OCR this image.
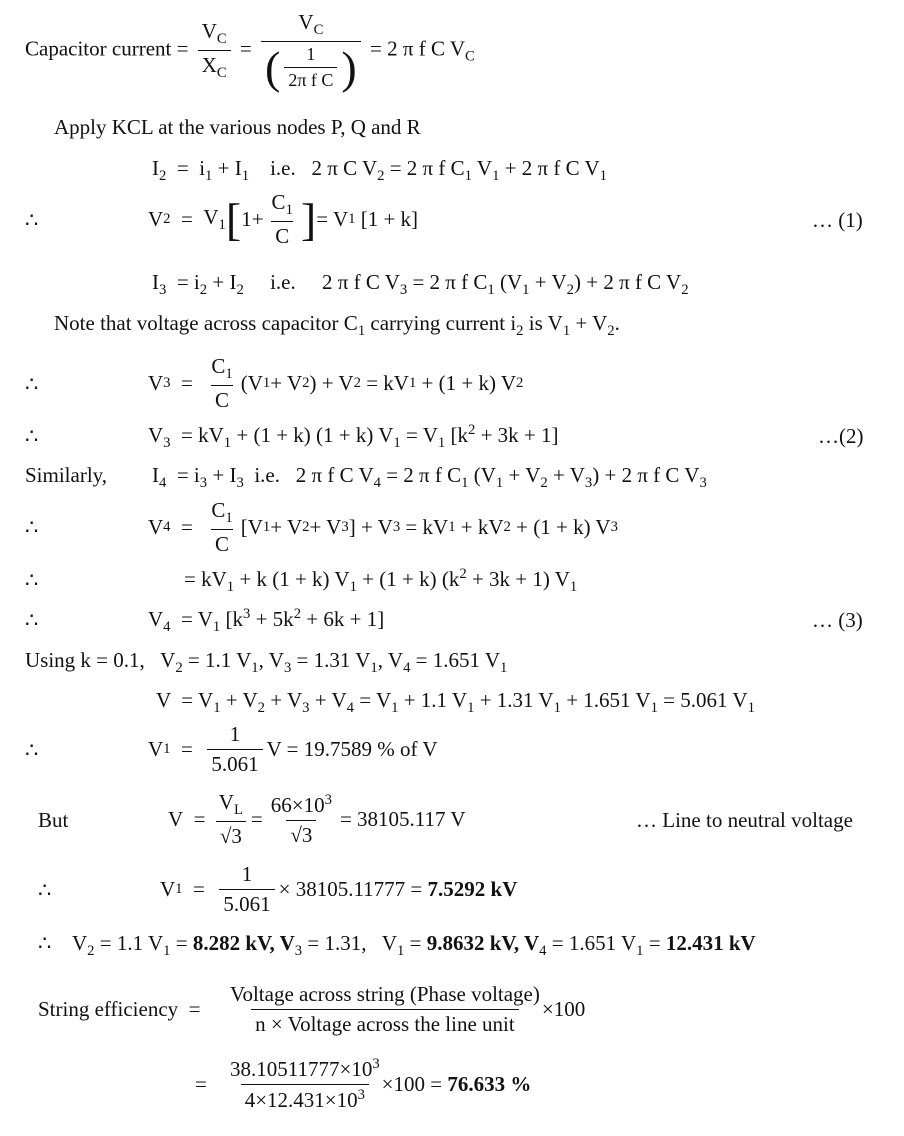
Capacitor current = $\frac{V_C}{X_C} = \frac{V_C}{( \frac{1}{\text{2π f C}} )} = 2$ π f C $V_C$
Apply KCL at the various nodes P, Q and R
$I_2 = i_1 + I_1$ i.e. 2 π C $V_2 = 2$ π f $C_1$ $V_1 + 2$ π f C $V_1$
∴	V $2 = V_1$ [ $1+ \frac{C_1}{C}$ ] = V 1
[1 + k]	… (1)
$I_3 = i_2 + I_2$ i.e. 2 π f C $V_3 = 2$ π f $C_1$ $(V_1 + V_2) + 2$ π f C $V_2$
Note that voltage across capacitor $C_1$ carrying current $i_2$ is $V_1 + V_2$.
∴	V $3 = \frac{C_1}{C} (V$ 1 + V 2 ) + V 2
= kV 1
+ (1 + k) V 2
∴	$V_3 = kV_1 + (1 + k) (1 + k) V_1 = V_1$ $[k^2 + 3k + 1]$	…(2)
Similarly, $I_4 = i_3 + I_3$ i.e. 2 π f C $V_4 = 2$ π f $C_1$ $(V_1 + V_2 + V_3) + 2$ π f C $V_3$
∴	V $4 = \frac{C_1}{C} [V$ 1 + V 2 + V 3 ] + V 3
= kV 1
+ kV 2
+ (1 + k) V 3
∴	= $kV_1 + k$ (1 + k) $V_1 + (1 + k) (k^2 + 3k + 1)$ $V_1$
∴	$V_4 = V_1$ $[k^3 + 5k^2 + 6k + 1]$	… (3)
Using k = 0.1, $V_2 = 1.1$ $V_1$, $V_3 = 1.31$ $V_1$, $V_4 = 1.651$ $V_1$
$V = V_1 + V_2 + V_3 + V_4 = V_1 + 1.1$ $V_1 + 1.31$ $V_1 + 1.651$ $V_1 = 5.061$ $V_1$
∴	V $1 = \frac{1}{5.061}$ V = 19.7589 % of V
But	$V = \frac{V_L}{√3} = \frac{66\times 10^3}{√3} = 38105.117$ V	… Line to neutral voltage
∴	V $1 = \frac{1}{5.061} \times 38105.11777$ =
7.5292 kV
∴ $V_2 = 1.1$ $V_1 = 8.282$ kV, $V_3 = 1.31$, $V_1 = 9.8632$ kV, $V_4 = 1.651$ $V_1 = 12.431$ kV
String efficiency  = $\frac{\text{Voltage across string (Phase voltage)}}{\text{n × Voltage across the line unit}}$
×100
= $\frac{38.10511777\times 10^3}{4\times 12.431\times 10^3}$
×100 =
76.633 %
